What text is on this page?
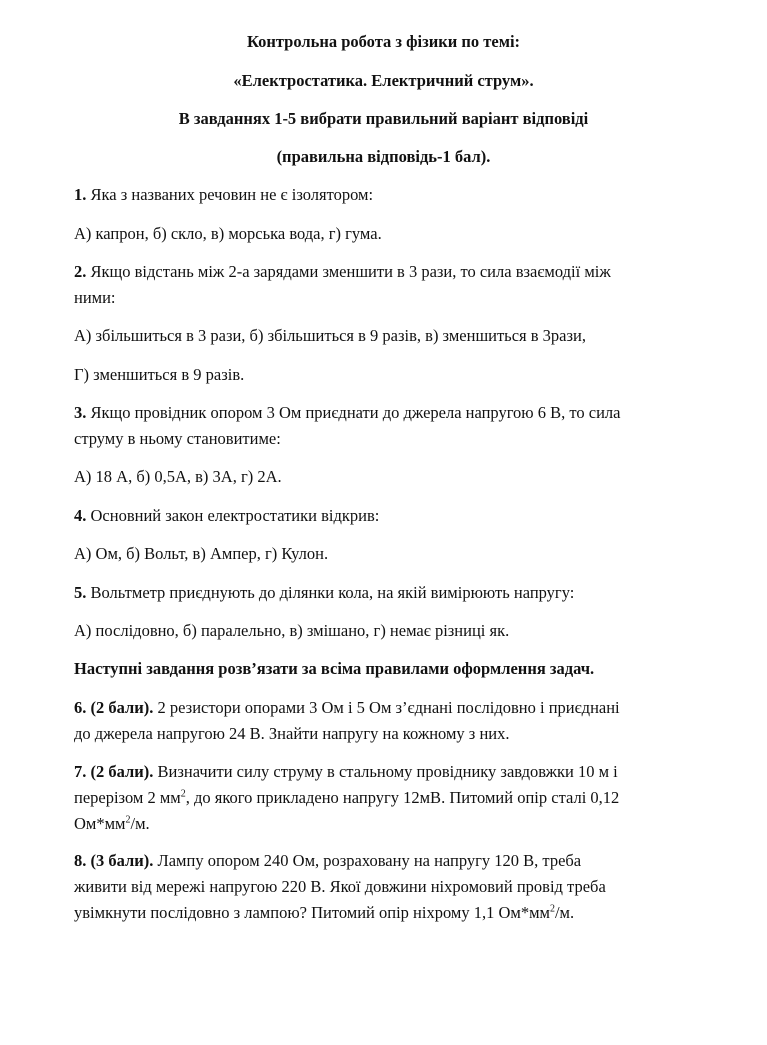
Контрольна робота з фізики по темі:
«Електростатика. Електричний струм».
В завданнях 1-5 вибрати правильний варіант відповіді
(правильна відповідь-1 бал).
1. Яка з названих речовин не є ізолятором:
А) капрон, б) скло, в) морська вода, г) гума.
2. Якщо відстань між 2-а зарядами зменшити в 3 рази, то сила взаємодії між
ними:
А) збільшиться в 3 рази, б) збільшиться в 9 разів, в) зменшиться в 3рази,
Г) зменшиться в 9 разів.
3. Якщо провідник опором 3 Ом приєднати до джерела напругою 6 В, то сила
струму в ньому становитиме:
А) 18 А, б) 0,5А, в) 3А, г) 2А.
4. Основний закон електростатики відкрив:
А) Ом, б) Вольт, в) Ампер, г) Кулон.
5. Вольтметр приєднують до ділянки кола, на якій вимірюють напругу:
А) послідовно, б) паралельно, в) змішано, г) немає різниці як.
Наступні завдання розв’язати за всіма правилами оформлення задач.
6. (2 бали). 2 резистори опорами 3 Ом і 5 Ом з’єднані послідовно і приєднані
до джерела напругою 24 В. Знайти напругу на кожному з них.
7. (2 бали). Визначити силу струму в стальному провіднику завдовжки 10 м і
перерізом 2 $мм^2$, до якого прикладено напругу 12мВ. Питомий опір сталі 0,12
$Ом*мм^2/м$.
8. (3 бали). Лампу опором 240 Ом, розраховану на напругу 120 В, треба
живити від мережі напругою 220 В. Якої довжини ніхромовий провід треба
увімкнути послідовно з лампою? Питомий опір ніхрому 1,1 $Ом*мм^2/м$.
